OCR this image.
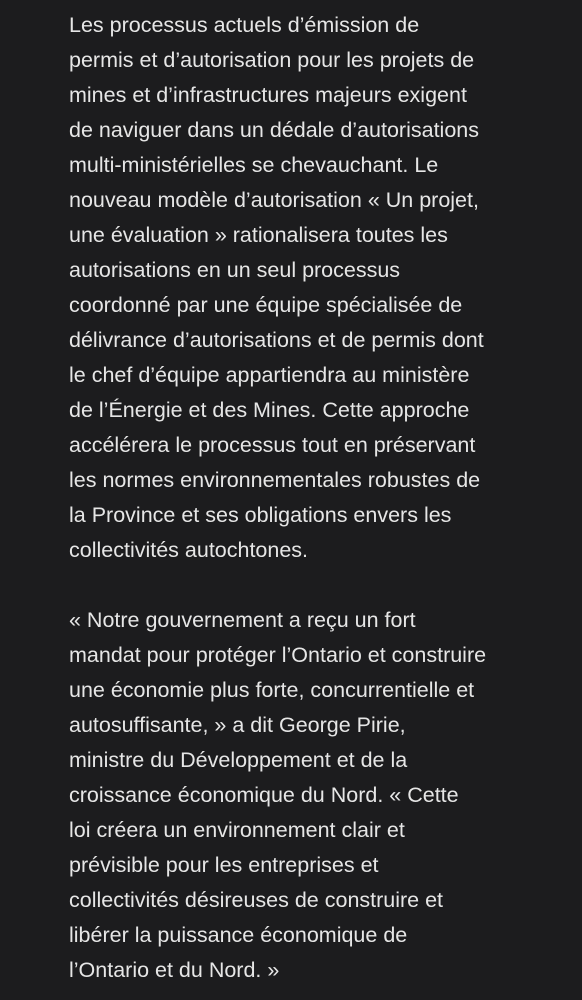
Les processus actuels d’émission de
permis et d’autorisation pour les projets de
mines et d’infrastructures majeurs exigent
de naviguer dans un dédale d’autorisations
multi-ministérielles se chevauchant. Le
nouveau modèle d’autorisation « Un projet,
une évaluation » rationalisera toutes les
autorisations en un seul processus
coordonné par une équipe spécialisée de
délivrance d’autorisations et de permis dont
le chef d’équipe appartiendra au ministère
de l’Énergie et des Mines. Cette approche
accélérera le processus tout en préservant
les normes environnementales robustes de
la Province et ses obligations envers les
collectivités autochtones.

« Notre gouvernement a reçu un fort
mandat pour protéger l’Ontario et construire
une économie plus forte, concurrentielle et
autosuffisante, » a dit George Pirie,
ministre du Développement et de la
croissance économique du Nord. « Cette
loi créera un environnement clair et
prévisible pour les entreprises et
collectivités désireuses de construire et
libérer la puissance économique de
l’Ontario et du Nord. »
